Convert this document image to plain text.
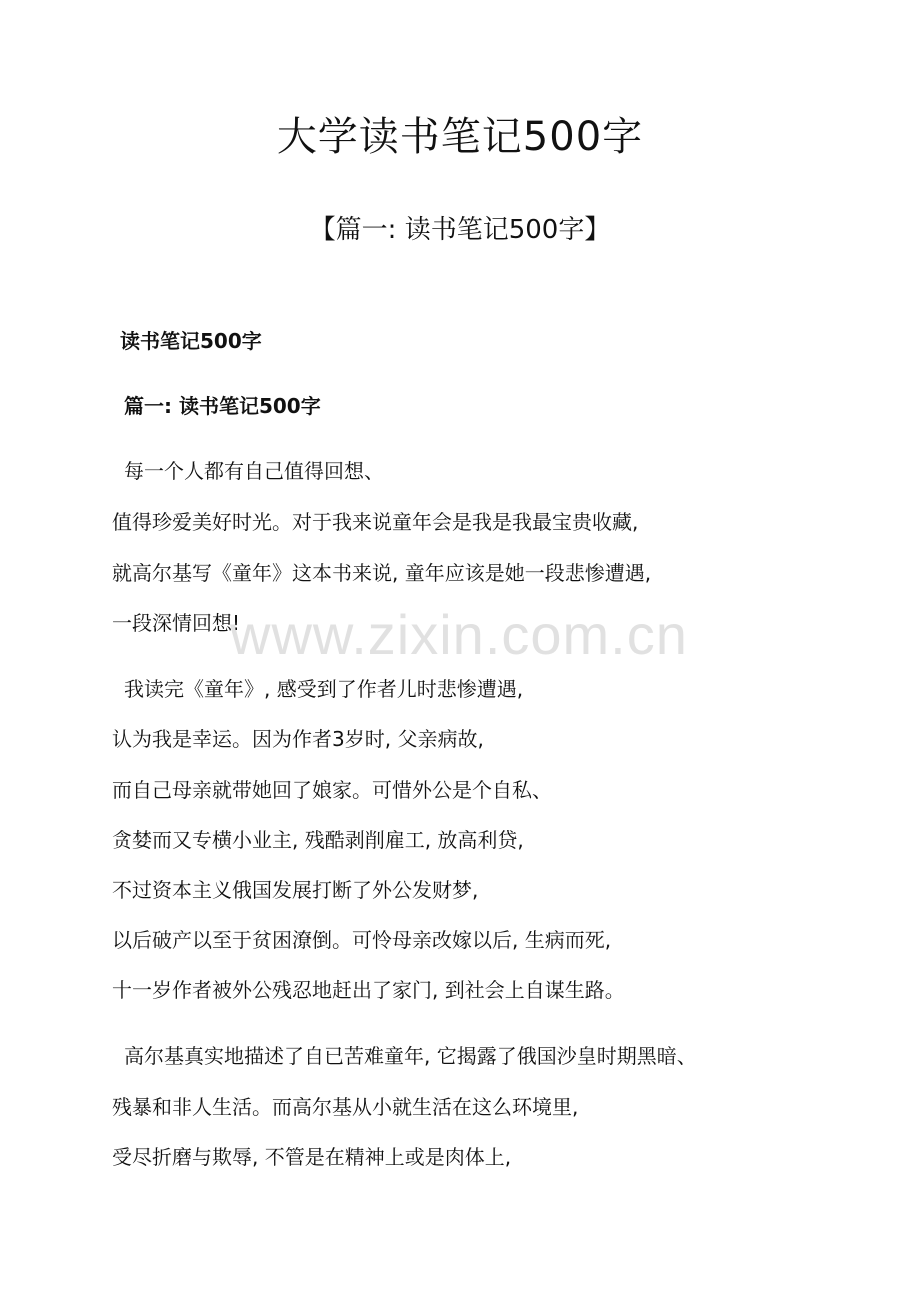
大学读书笔记500字
【篇一: 读书笔记500字】
读书笔记500字
篇一: 读书笔记500字
每一个人都有自己值得回想、
值得珍爱美好时光。对于我来说童年会是我是我最宝贵收藏,
就高尔基写《童年》这本书来说, 童年应该是她一段悲惨遭遇,
一段深情回想!
我读完《童年》, 感受到了作者儿时悲惨遭遇,
认为我是幸运。因为作者3岁时, 父亲病故,
而自己母亲就带她回了娘家。可惜外公是个自私、
贪婪而又专横小业主, 残酷剥削雇工, 放高利贷,
不过资本主义俄国发展打断了外公发财梦,
以后破产以至于贫困潦倒。可怜母亲改嫁以后, 生病而死,
十一岁作者被外公残忍地赶出了家门, 到社会上自谋生路。
高尔基真实地描述了自已苦难童年, 它揭露了俄国沙皇时期黑暗、
残暴和非人生活。而高尔基从小就生活在这么环境里,
受尽折磨与欺辱, 不管是在精神上或是肉体上,
www.zixin.com.cn
